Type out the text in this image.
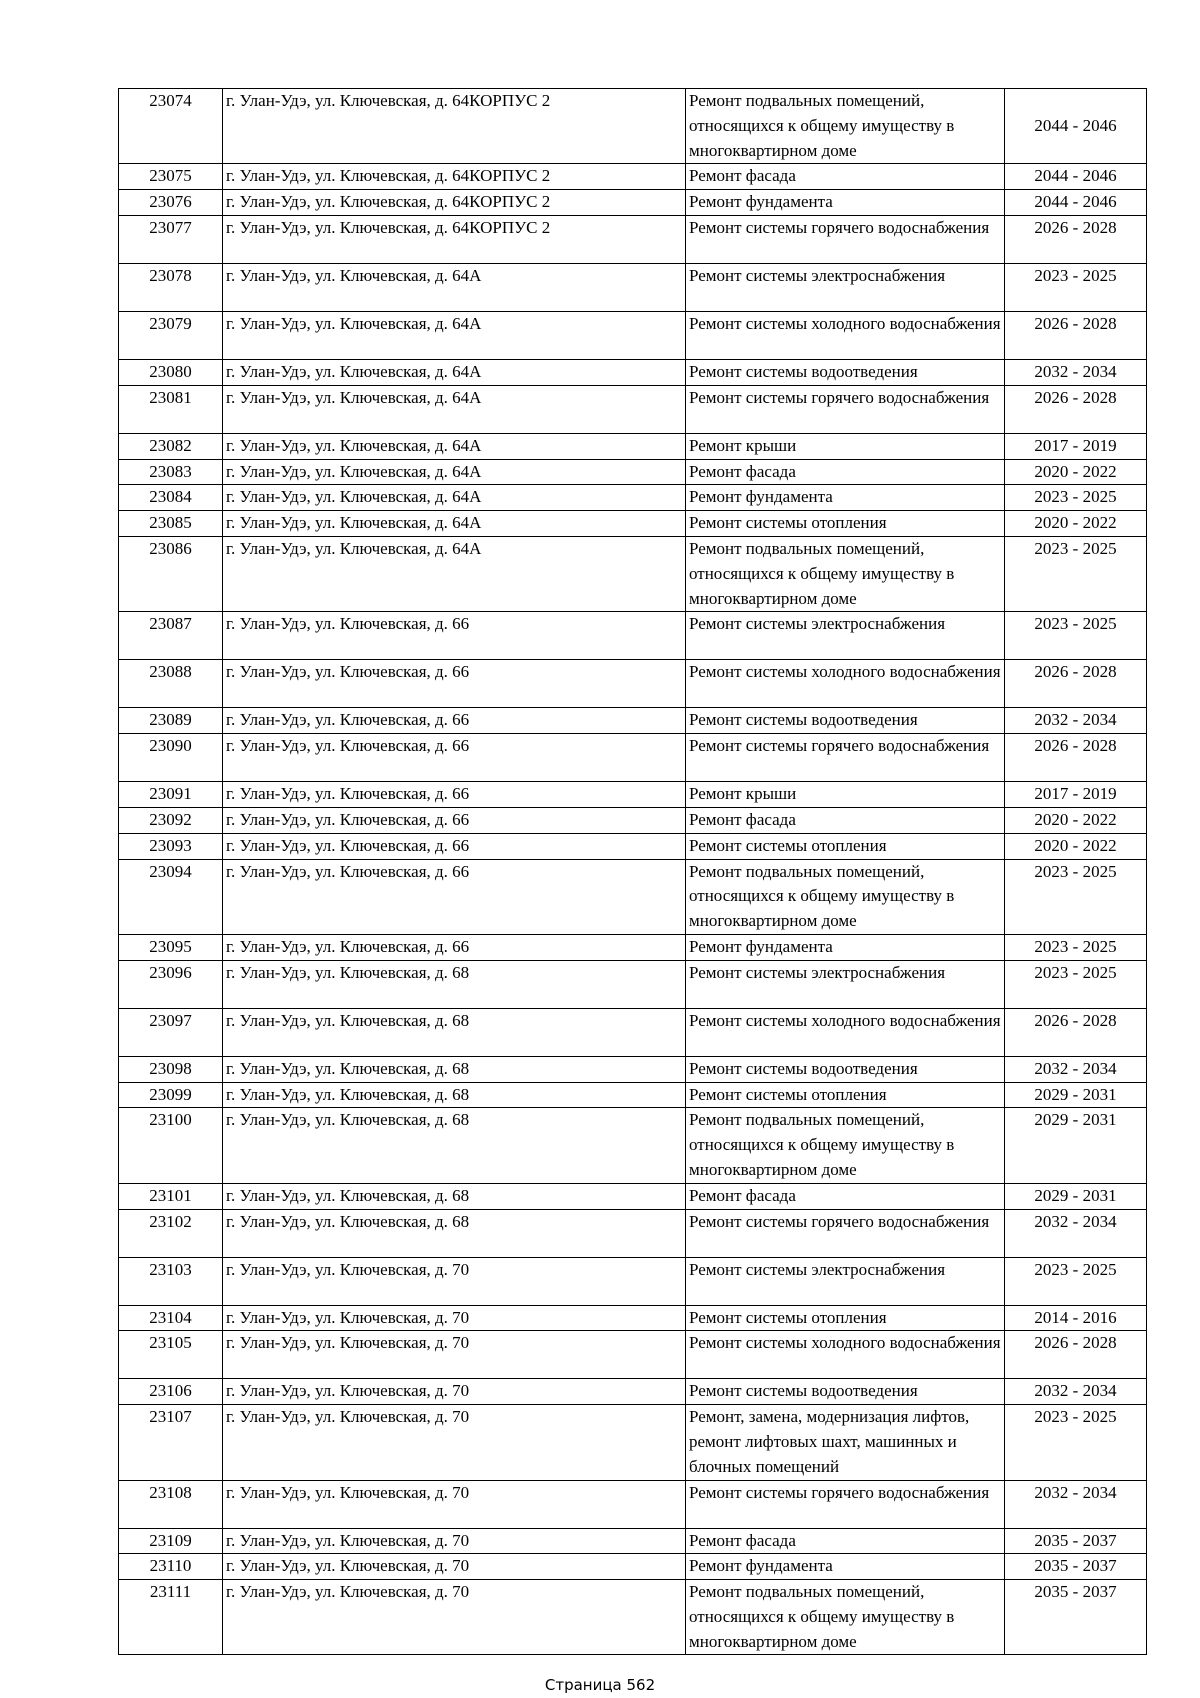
23074	г. Улан-Удэ, ул. Ключевская, д. 64КОРПУС 2	Ремонт подвальных помещений, относящихся к общему имуществу в многоквартирном доме	2044 - 2046
23075	г. Улан-Удэ, ул. Ключевская, д. 64КОРПУС 2	Ремонт фасада	2044 - 2046
23076	г. Улан-Удэ, ул. Ключевская, д. 64КОРПУС 2	Ремонт фундамента	2044 - 2046
23077	г. Улан-Удэ, ул. Ключевская, д. 64КОРПУС 2	Ремонт системы горячего водоснабжения	2026 - 2028
23078	г. Улан-Удэ, ул. Ключевская, д. 64А	Ремонт системы электроснабжения	2023 - 2025
23079	г. Улан-Удэ, ул. Ключевская, д. 64А	Ремонт системы холодного водоснабжения	2026 - 2028
23080	г. Улан-Удэ, ул. Ключевская, д. 64А	Ремонт системы водоотведения	2032 - 2034
23081	г. Улан-Удэ, ул. Ключевская, д. 64А	Ремонт системы горячего водоснабжения	2026 - 2028
23082	г. Улан-Удэ, ул. Ключевская, д. 64А	Ремонт крыши	2017 - 2019
23083	г. Улан-Удэ, ул. Ключевская, д. 64А	Ремонт фасада	2020 - 2022
23084	г. Улан-Удэ, ул. Ключевская, д. 64А	Ремонт фундамента	2023 - 2025
23085	г. Улан-Удэ, ул. Ключевская, д. 64А	Ремонт системы отопления	2020 - 2022
23086	г. Улан-Удэ, ул. Ключевская, д. 64А	Ремонт подвальных помещений, относящихся к общему имуществу в многоквартирном доме	2023 - 2025
23087	г. Улан-Удэ, ул. Ключевская, д. 66	Ремонт системы электроснабжения	2023 - 2025
23088	г. Улан-Удэ, ул. Ключевская, д. 66	Ремонт системы холодного водоснабжения	2026 - 2028
23089	г. Улан-Удэ, ул. Ключевская, д. 66	Ремонт системы водоотведения	2032 - 2034
23090	г. Улан-Удэ, ул. Ключевская, д. 66	Ремонт системы горячего водоснабжения	2026 - 2028
23091	г. Улан-Удэ, ул. Ключевская, д. 66	Ремонт крыши	2017 - 2019
23092	г. Улан-Удэ, ул. Ключевская, д. 66	Ремонт фасада	2020 - 2022
23093	г. Улан-Удэ, ул. Ключевская, д. 66	Ремонт системы отопления	2020 - 2022
23094	г. Улан-Удэ, ул. Ключевская, д. 66	Ремонт подвальных помещений, относящихся к общему имуществу в многоквартирном доме	2023 - 2025
23095	г. Улан-Удэ, ул. Ключевская, д. 66	Ремонт фундамента	2023 - 2025
23096	г. Улан-Удэ, ул. Ключевская, д. 68	Ремонт системы электроснабжения	2023 - 2025
23097	г. Улан-Удэ, ул. Ключевская, д. 68	Ремонт системы холодного водоснабжения	2026 - 2028
23098	г. Улан-Удэ, ул. Ключевская, д. 68	Ремонт системы водоотведения	2032 - 2034
23099	г. Улан-Удэ, ул. Ключевская, д. 68	Ремонт системы отопления	2029 - 2031
23100	г. Улан-Удэ, ул. Ключевская, д. 68	Ремонт подвальных помещений, относящихся к общему имуществу в многоквартирном доме	2029 - 2031
23101	г. Улан-Удэ, ул. Ключевская, д. 68	Ремонт фасада	2029 - 2031
23102	г. Улан-Удэ, ул. Ключевская, д. 68	Ремонт системы горячего водоснабжения	2032 - 2034
23103	г. Улан-Удэ, ул. Ключевская, д. 70	Ремонт системы электроснабжения	2023 - 2025
23104	г. Улан-Удэ, ул. Ключевская, д. 70	Ремонт системы отопления	2014 - 2016
23105	г. Улан-Удэ, ул. Ключевская, д. 70	Ремонт системы холодного водоснабжения	2026 - 2028
23106	г. Улан-Удэ, ул. Ключевская, д. 70	Ремонт системы водоотведения	2032 - 2034
23107	г. Улан-Удэ, ул. Ключевская, д. 70	Ремонт, замена, модернизация лифтов, ремонт лифтовых шахт, машинных и блочных помещений	2023 - 2025
23108	г. Улан-Удэ, ул. Ключевская, д. 70	Ремонт системы горячего водоснабжения	2032 - 2034
23109	г. Улан-Удэ, ул. Ключевская, д. 70	Ремонт фасада	2035 - 2037
23110	г. Улан-Удэ, ул. Ключевская, д. 70	Ремонт фундамента	2035 - 2037
23111	г. Улан-Удэ, ул. Ключевская, д. 70	Ремонт подвальных помещений, относящихся к общему имуществу в многоквартирном доме	2035 - 2037
Страница 562
